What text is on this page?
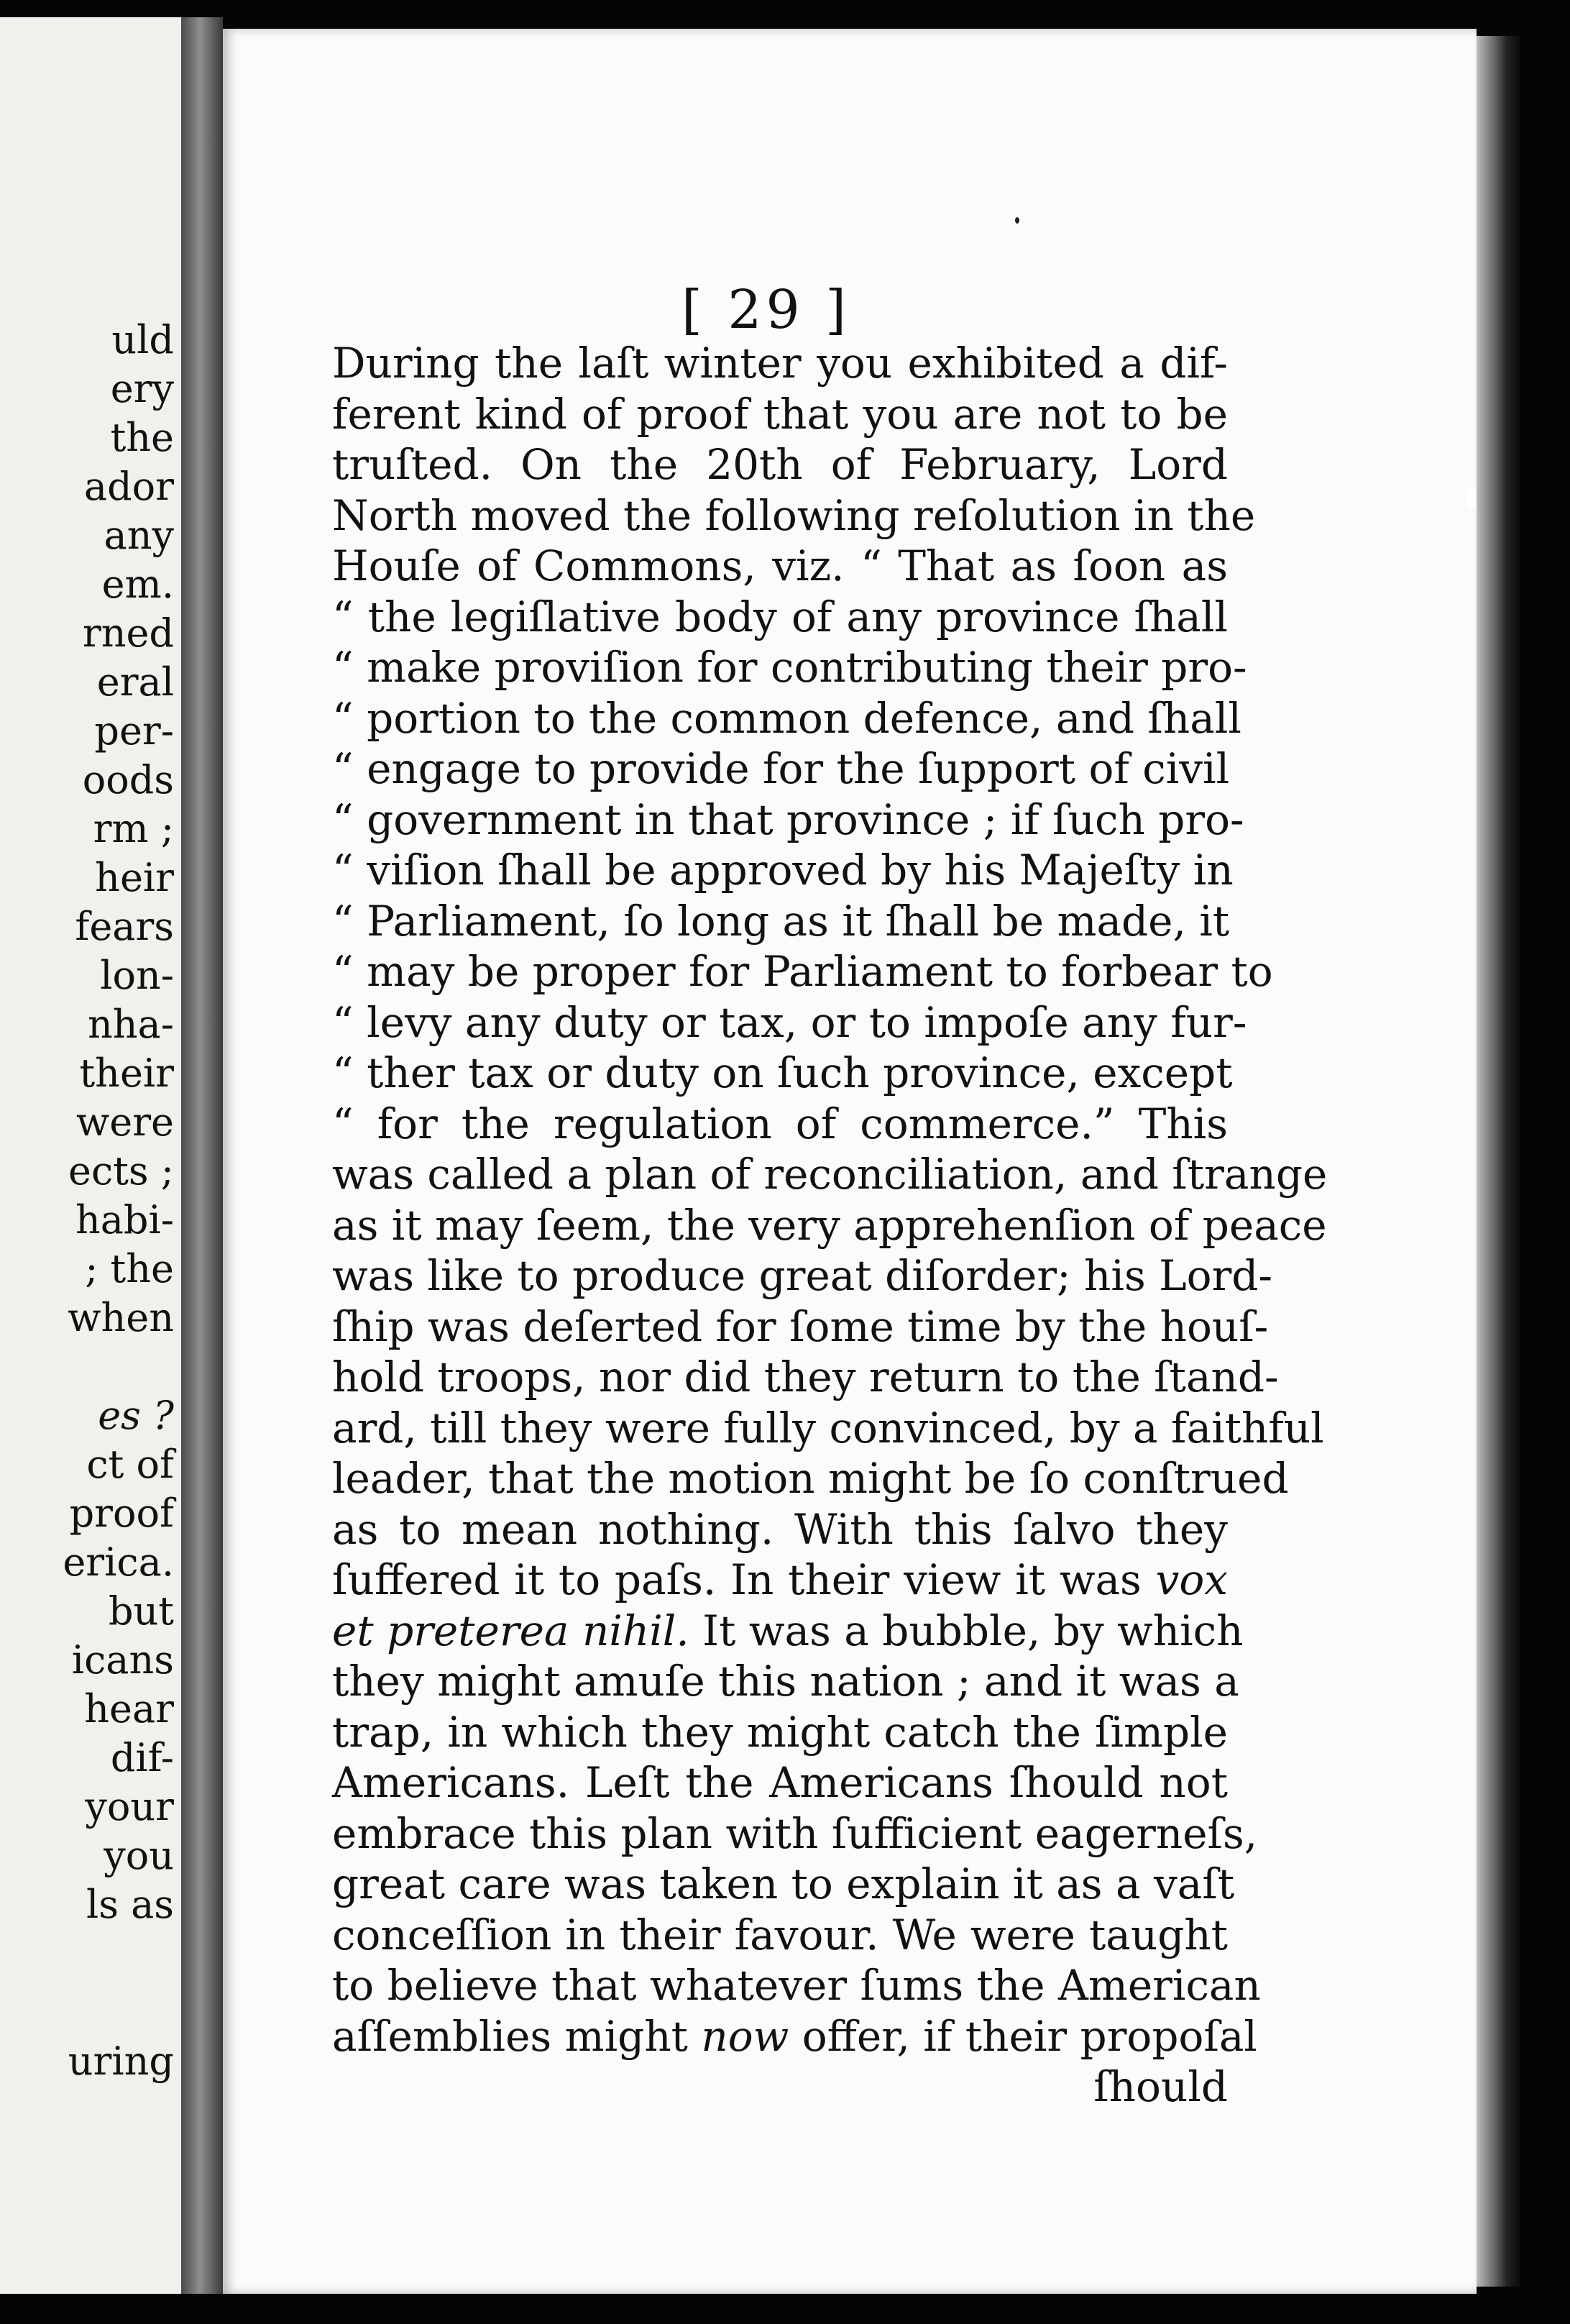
uld
ery
the
ador
any
em.
rned
eral
per-
oods
rm ;
heir
fears
lon-
nha-
their
were
ects ;
habi-
; the
when
es ?
ct of
proof
erica.
but
icans
hear
dif-
your
you
ls as
uring
[ 29 ]
During the laſt winter you exhibited a dif-
ferent kind of proof that you are not to be
truſted. On the 20th of February, Lord
North moved the following reſolution in the
Houſe of Commons, viz. “ That as ſoon as
“ the legiſlative body of any province ſhall
“ make proviſion for contributing their pro-
“ portion to the common defence, and ſhall
“ engage to provide for the ſupport of civil
“ government in that province ; if ſuch pro-
“ viſion ſhall be approved by his Majeſty in
“ Parliament, ſo long as it ſhall be made, it
“ may be proper for Parliament to forbear to
“ levy any duty or tax, or to impoſe any fur-
“ ther tax or duty on ſuch province, except
“ for the regulation of commerce.” This
was called a plan of reconciliation, and ſtrange
as it may ſeem, the very apprehenſion of peace
was like to produce great diſorder; his Lord-
ſhip was deſerted for ſome time by the houſ-
hold troops, nor did they return to the ſtand-
ard, till they were fully convinced, by a faithful
leader, that the motion might be ſo conſtrued
as to mean nothing. With this ſalvo they
ſuffered it to paſs. In their view it was vox
et preterea nihil. It was a bubble, by which
they might amuſe this nation ; and it was a
trap, in which they might catch the ſimple
Americans. Leſt the Americans ſhould not
embrace this plan with ſufficient eagerneſs,
great care was taken to explain it as a vaſt
conceſſion in their favour. We were taught
to believe that whatever ſums the American
aſſemblies might now offer, if their propoſal
ſhould
